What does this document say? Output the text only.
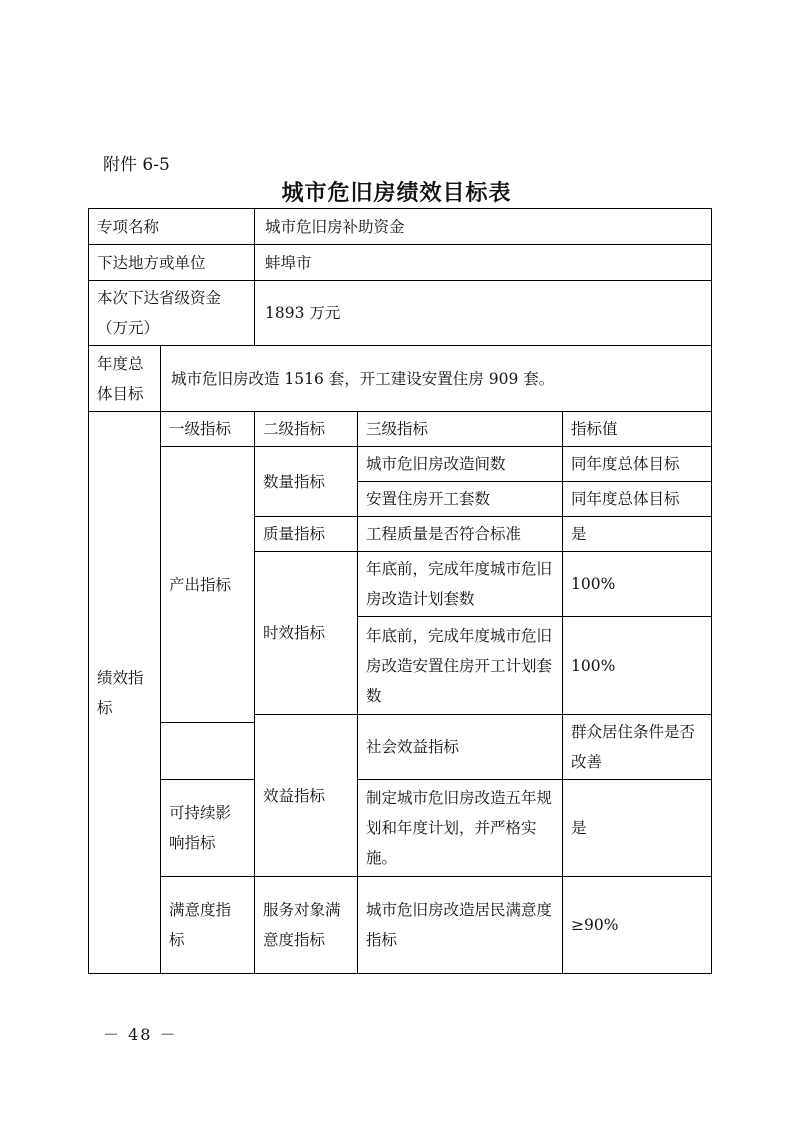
附件 6-5
城市危旧房绩效目标表
专项名称		城市危旧房补助资金			
下达地方或单位		蚌埠市			
本次下达省级资金（万元）		1893 万元			
年度总体目标	城市危旧房改造 1516 套，开工建设安置住房 909 套。				
绩效指标	一级指标	二级指标	三级指标	指标值	
	产出指标	数量指标	城市危旧房改造间数	同年度总体目标	
			安置住房开工套数	同年度总体目标	
		质量指标	工程质量是否符合标准	是	
		时效指标	年底前，完成年度城市危旧房改造计划套数	100%	
			年底前，完成年度城市危旧房改造安置住房开工计划套数	100%	
		效益指标	社会效益指标	群众居住条件是否改善	

	可持续影响指标		制定城市危旧房改造五年规划和年度计划，并严格实施。	是	
	满意度指标	服务对象满意度指标	城市危旧房改造居民满意度指标	≥90%	
－ 48 －
